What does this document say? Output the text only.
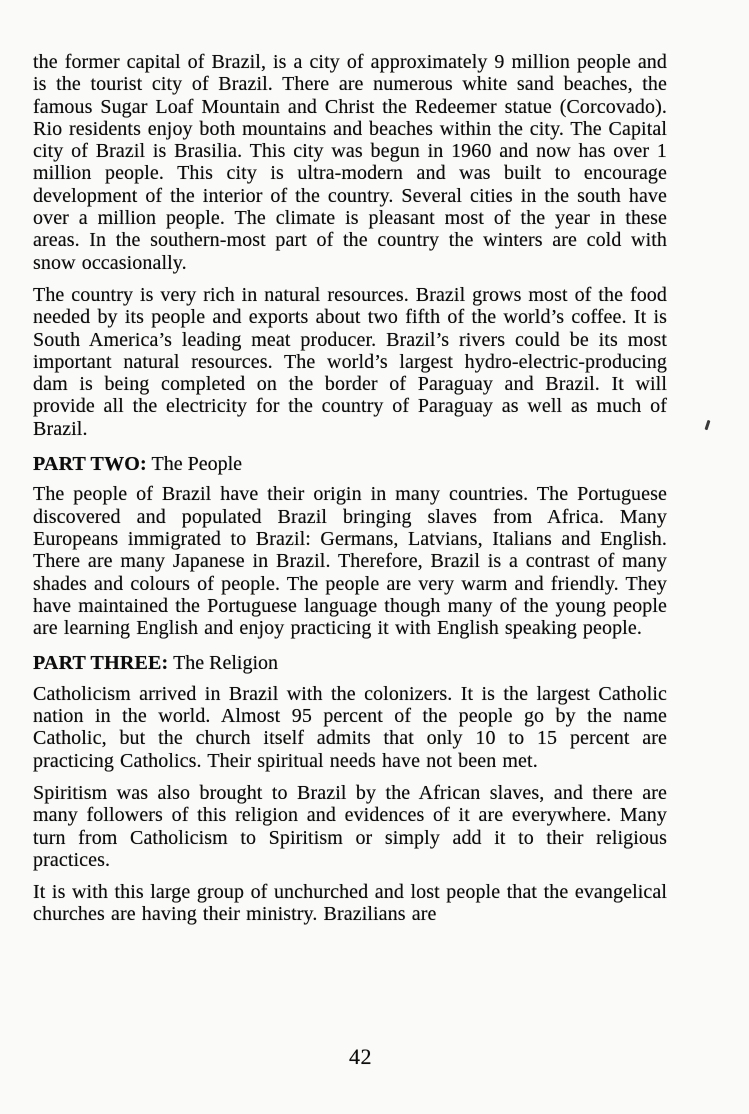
the former capital of Brazil, is a city of approximately 9 million people and is the tourist city of Brazil. There are numerous white sand beaches, the famous Sugar Loaf Mountain and Christ the Redeemer statue (Corcovado). Rio residents enjoy both mountains and beaches within the city. The Capital city of Brazil is Brasilia. This city was begun in 1960 and now has over 1 million people. This city is ultra-modern and was built to encourage development of the interior of the country. Several cities in the south have over a million people. The climate is pleasant most of the year in these areas. In the southern-most part of the country the winters are cold with snow occasionally.

The country is very rich in natural resources. Brazil grows most of the food needed by its people and exports about two fifth of the world’s coffee. It is South America’s leading meat producer. Brazil’s rivers could be its most important natural resources. The world’s largest hydro-electric-producing dam is being completed on the border of Paraguay and Brazil. It will provide all the electricity for the country of Paraguay as well as much of Brazil.

PART TWO: The People

The people of Brazil have their origin in many countries. The Portuguese discovered and populated Brazil bringing slaves from Africa. Many Europeans immigrated to Brazil: Germans, Latvians, Italians and English. There are many Japanese in Brazil. Therefore, Brazil is a contrast of many shades and colours of people. The people are very warm and friendly. They have maintained the Portuguese language though many of the young people are learning English and enjoy practicing it with English speaking people.

PART THREE: The Religion

Catholicism arrived in Brazil with the colonizers. It is the largest Catholic nation in the world. Almost 95 percent of the people go by the name Catholic, but the church itself admits that only 10 to 15 percent are practicing Catholics. Their spiritual needs have not been met.

Spiritism was also brought to Brazil by the African slaves, and there are many followers of this religion and evidences of it are everywhere. Many turn from Catholicism to Spiritism or simply add it to their religious practices.

It is with this large group of unchurched and lost people that the evangelical churches are having their ministry. Brazilians are

42
